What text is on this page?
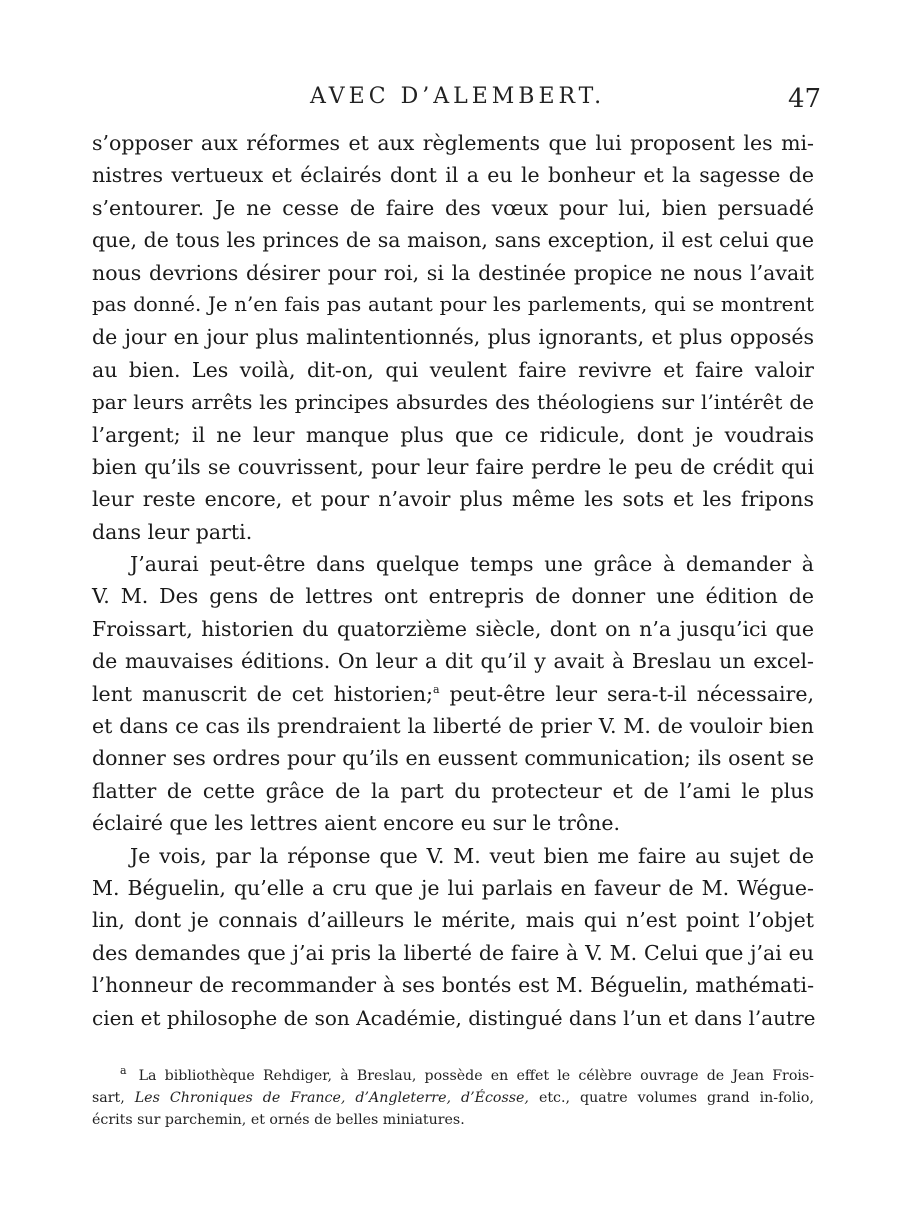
AVEC D’ALEMBERT.	47
s’opposer aux réformes et aux règlements que lui proposent les mi-
nistres vertueux et éclairés dont il a eu le bonheur et la sagesse de
s’entourer. Je ne cesse de faire des vœux pour lui, bien persuadé
que, de tous les princes de sa maison, sans exception, il est celui que
nous devrions désirer pour roi, si la destinée propice ne nous l’avait
pas donné. Je n’en fais pas autant pour les parlements, qui se montrent
de jour en jour plus malintentionnés, plus ignorants, et plus opposés
au bien. Les voilà, dit-on, qui veulent faire revivre et faire valoir
par leurs arrêts les principes absurdes des théologiens sur l’intérêt de
l’argent; il ne leur manque plus que ce ridicule, dont je voudrais
bien qu’ils se couvrissent, pour leur faire perdre le peu de crédit qui
leur reste encore, et pour n’avoir plus même les sots et les fripons
dans leur parti.
J’aurai peut-être dans quelque temps une grâce à demander à
V. M. Des gens de lettres ont entrepris de donner une édition de
Froissart, historien du quatorzième siècle, dont on n’a jusqu’ici que
de mauvaises éditions. On leur a dit qu’il y avait à Breslau un excel-
lent manuscrit de cet historien;$^a$ peut-être leur sera-t-il nécessaire,
et dans ce cas ils prendraient la liberté de prier V. M. de vouloir bien
donner ses ordres pour qu’ils en eussent communication; ils osent se
flatter de cette grâce de la part du protecteur et de l’ami le plus
éclairé que les lettres aient encore eu sur le trône.
Je vois, par la réponse que V. M. veut bien me faire au sujet de
M. Béguelin, qu’elle a cru que je lui parlais en faveur de M. Wégue-
lin, dont je connais d’ailleurs le mérite, mais qui n’est point l’objet
des demandes que j’ai pris la liberté de faire à V. M. Celui que j’ai eu
l’honneur de recommander à ses bontés est M. Béguelin, mathémati-
cien et philosophe de son Académie, distingué dans l’un et dans l’autre
$^a$ La bibliothèque Rehdiger, à Breslau, possède en effet le célèbre ouvrage de Jean Frois-
sart, Les Chroniques de France, d’Angleterre, d’Écosse, etc., quatre volumes grand in-folio,
écrits sur parchemin, et ornés de belles miniatures.
